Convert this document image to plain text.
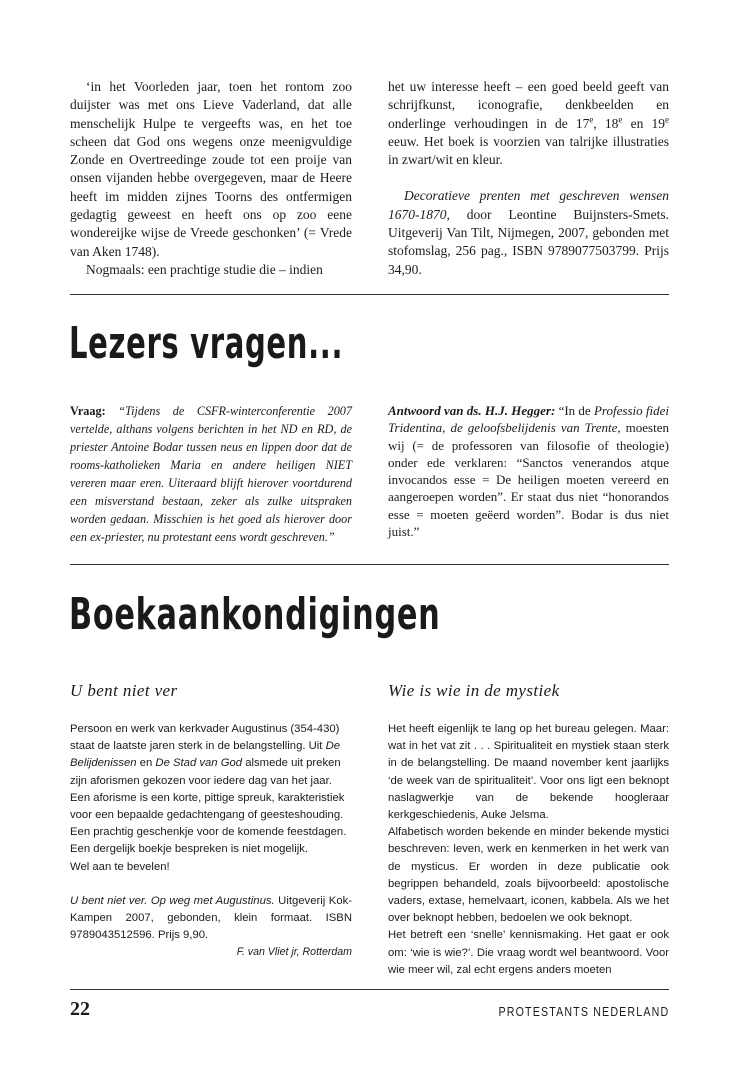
‘in het Voorleden jaar, toen het rontom zoo duijster was met ons Lieve Vaderland, dat alle menschelijk Hulpe te vergeefts was, en het toe scheen dat God ons wegens onze meenigvuldige Zonde en Overtreedinge zoude tot een proije van onsen vijanden hebbe overgegeven, maar de Heere heeft im midden zijnes Toorns des ontfermigen gedagtig geweest en heeft ons op zoo eene wondereijke wijse de Vreede geschonken’ (= Vrede van Aken 1748).

Nogmaals: een prachtige studie die – indien

het uw interesse heeft – een goed beeld geeft van schrijfkunst, iconografie, denkbeelden en onderlinge verhoudingen in de 17e, 18e en 19e eeuw. Het boek is voorzien van talrijke illustraties in zwart/wit en kleur.

Decoratieve prenten met geschreven wensen 1670-1870, door Leontine Buijnsters-Smets. Uitgeverij Van Tilt, Nijmegen, 2007, gebonden met stofomslag, 256 pag., ISBN 9789077503799. Prijs 34,90.

Lezers vragen...

Vraag: “Tijdens de CSFR-winterconferentie 2007 vertelde, althans volgens berichten in het ND en RD, de priester Antoine Bodar tussen neus en lippen door dat de rooms-katholieken Maria en andere heiligen NIET vereren maar eren. Uiteraard blijft hierover voortdurend een misverstand bestaan, zeker als zulke uitspraken worden gedaan. Misschien is het goed als hierover door een ex-priester, nu protestant eens wordt geschreven.”

Antwoord van ds. H.J. Hegger: “In de Professio fidei Tridentina, de geloofsbelijdenis van Trente, moesten wij (= de professoren van filosofie of theologie) onder ede verklaren: “Sanctos venerandos atque invocandos esse = De heiligen moeten vereerd en aangeroepen worden”. Er staat dus niet “honorandos esse = moeten geëerd worden”. Bodar is dus niet juist.”

Boekaankondigingen
U bent niet ver	Wie is wie in de mystiek

Persoon en werk van kerkvader Augustinus (354-430) staat de laatste jaren sterk in de belangstelling. Uit De Belijdenissen en De Stad van God alsmede uit preken zijn aforismen gekozen voor iedere dag van het jaar.

Een aforisme is een korte, pittige spreuk, karakteristiek voor een bepaalde gedachtengang of geesteshouding. Een prachtig geschenkje voor de komende feestdagen. Een dergelijk boekje bespreken is niet mogelijk.

Wel aan te bevelen!

U bent niet ver. Op weg met Augustinus. Uitgeverij Kok-Kampen 2007, gebonden, klein formaat. ISBN 9789043512596. Prijs 9,90.

F. van Vliet jr, Rotterdam

Het heeft eigenlijk te lang op het bureau gelegen. Maar: wat in het vat zit . . . Spiritualiteit en mystiek staan sterk in de belangstelling. De maand november kent jaarlijks ‘de week van de spiritualiteit’. Voor ons ligt een beknopt naslagwerkje van de bekende hoogleraar kerkgeschiedenis, Auke Jelsma.

Alfabetisch worden bekende en minder bekende mystici beschreven: leven, werk en kenmerken in het werk van de mysticus. Er worden in deze publicatie ook begrippen behandeld, zoals bijvoorbeeld: apostolische vaders, extase, hemelvaart, iconen, kabbela. Als we het over beknopt hebben, bedoelen we ook beknopt.

Het betreft een ‘snelle’ kennismaking. Het gaat er ook om: ‘wie is wie?’. Die vraag wordt wel beantwoord. Voor wie meer wil, zal echt ergens anders moeten

22	PROTESTANTS NEDERLAND
